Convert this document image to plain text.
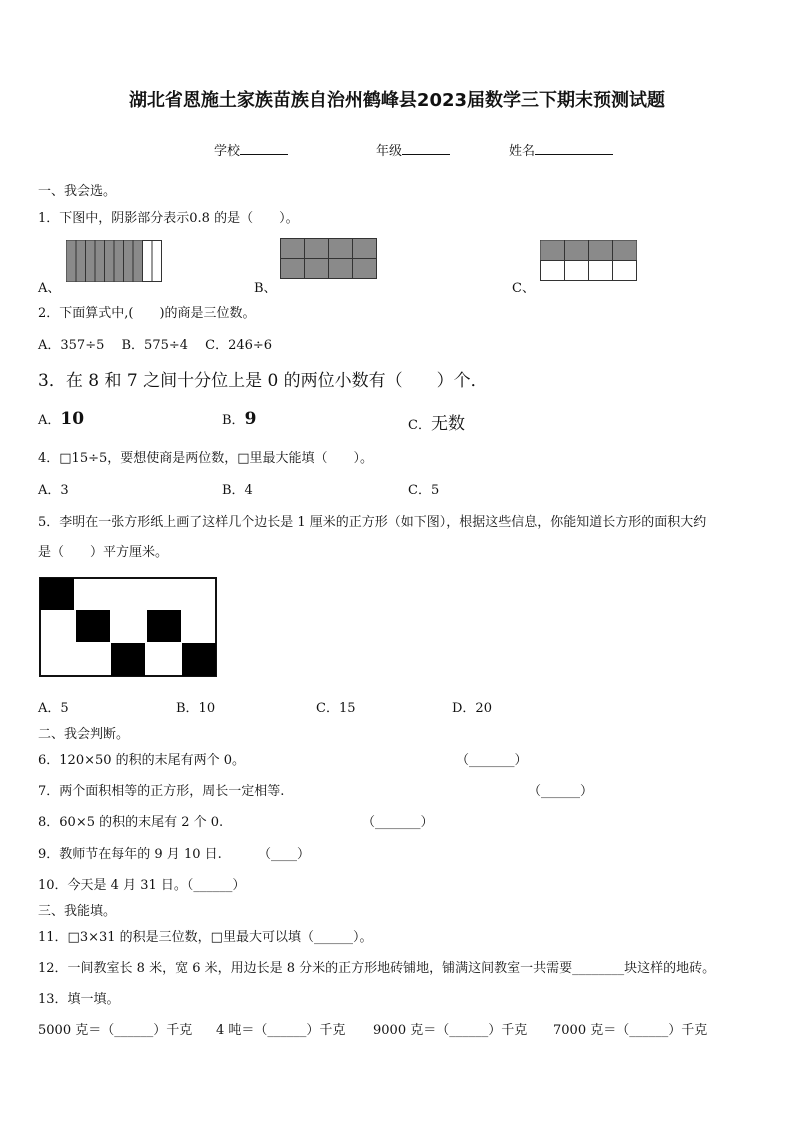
湖北省恩施土家族苗族自治州鹤峰县2023届数学三下期末预测试题
学校	年级	姓名
一、我会选。
1．下图中，阴影部分表示0.8 的是（　　）。
A、	B、	C、
2．下面算式中,(　　)的商是三位数。
A．357÷5　 B．575÷4　 C．246÷6
3．在 8 和 7 之间十分位上是 0 的两位小数有（　　）个．
A．10	B．9	C．无数
4．□15÷5，要想使商是两位数，□里最大能填（　　）。
A．3	B．4	C．5
5．李明在一张方形纸上画了这样几个边长是 1 厘米的正方形（如下图），根据这些信息，你能知道长方形的面积大约
是（　　）平方厘米。
A．5	B．10	C．15	D．20
二、我会判断。
6．120×50 的积的末尾有两个 0。	（_______）
7．两个面积相等的正方形，周长一定相等.	（______）
8．60×5 的积的末尾有 2 个 0.	（_______）
9．教师节在每年的 9 月 10 日.	（____）
10．今天是 4 月 31 日。（______）
三、我能填。
11．□3×31 的积是三位数，□里最大可以填（______）。
12．一间教室长 8 米，宽 6 米，用边长是 8 分米的正方形地砖铺地，铺满这间教室一共需要________块这样的地砖。
13．填一填。
5000 克＝（______）千克 4 吨＝（______）千克 9000 克＝（______）千克 7000 克＝（______）千克
